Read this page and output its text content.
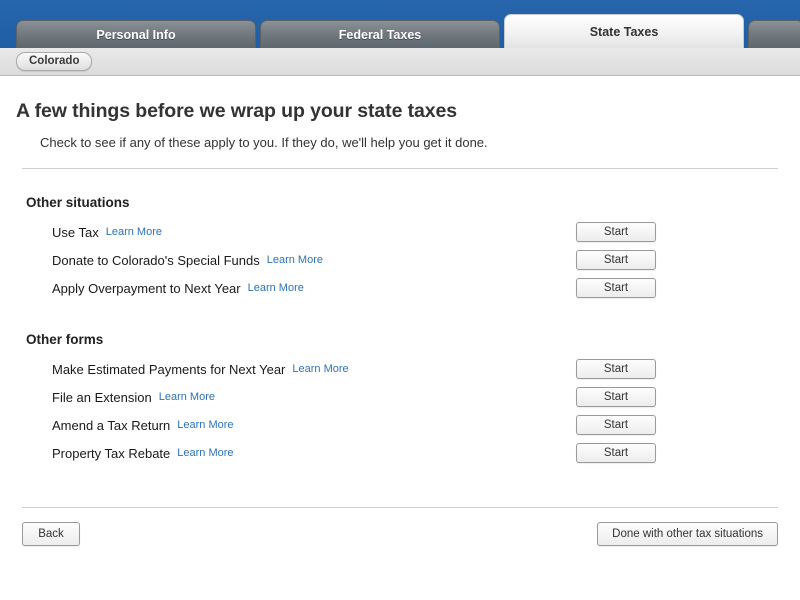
Personal Info	Federal Taxes	State Taxes
Colorado
A few things before we wrap up your state taxes
Check to see if any of these apply to you. If they do, we'll help you get it done.
Other situations
Use Tax Learn More	Start
Donate to Colorado's Special Funds Learn More	Start
Apply Overpayment to Next Year Learn More	Start
Other forms
Make Estimated Payments for Next Year Learn More	Start
File an Extension Learn More	Start
Amend a Tax Return Learn More	Start
Property Tax Rebate Learn More	Start
Back	Done with other tax situations
